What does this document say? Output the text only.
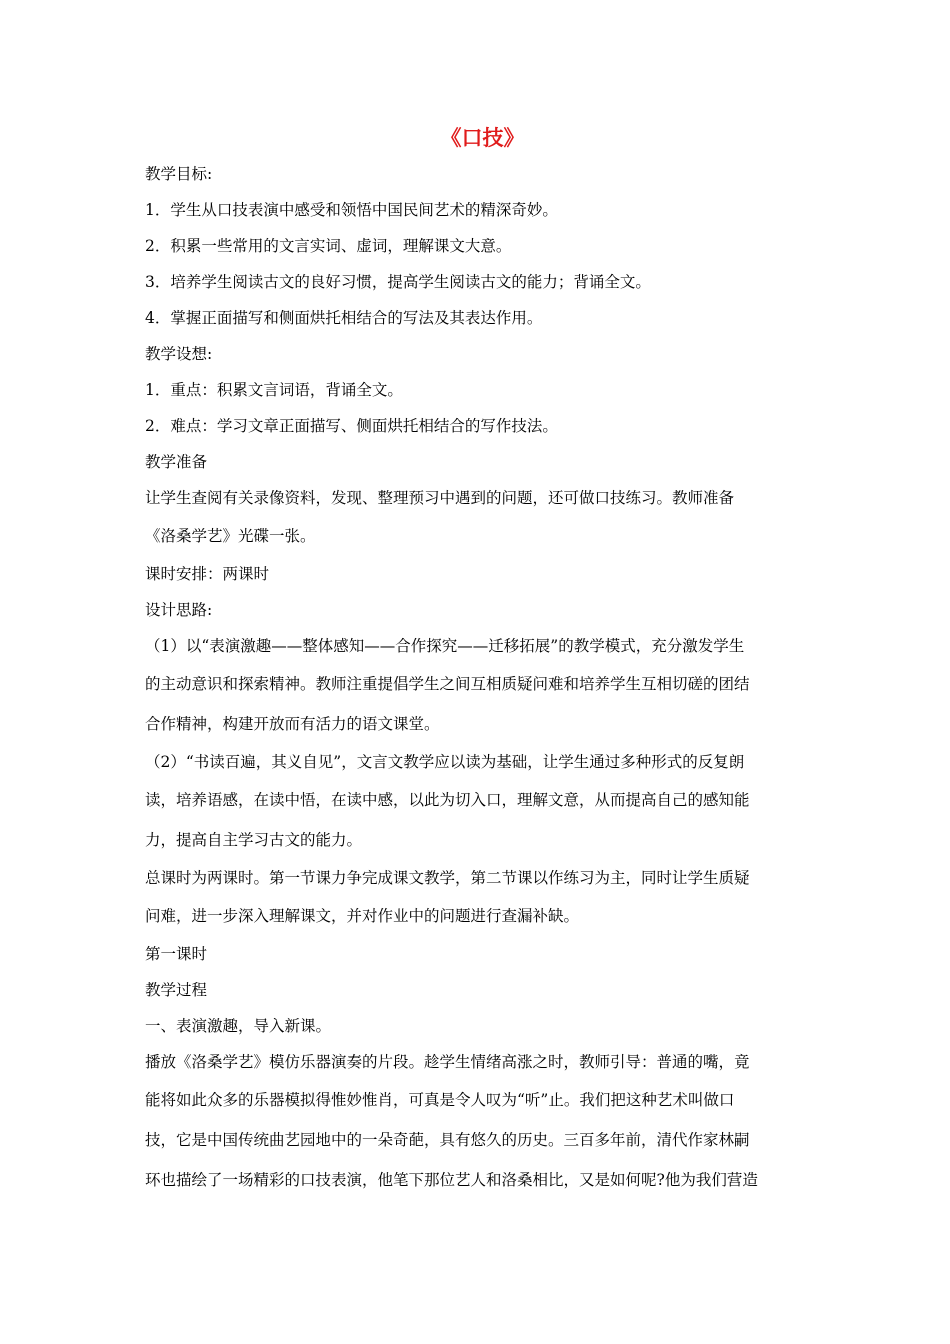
《口技》
教学目标:
1．学生从口技表演中感受和领悟中国民间艺术的精深奇妙。
2．积累一些常用的文言实词、虚词，理解课文大意。
3．培养学生阅读古文的良好习惯，提高学生阅读古文的能力；背诵全文。
4．掌握正面描写和侧面烘托相结合的写法及其表达作用。
教学设想:
1．重点：积累文言词语，背诵全文。
2．难点：学习文章正面描写、侧面烘托相结合的写作技法。
教学准备
让学生查阅有关录像资料，发现、整理预习中遇到的问题，还可做口技练习。教师准备
《洛桑学艺》光碟一张。
课时安排：两课时
设计思路:
（1）以“表演激趣——整体感知——合作探究——迁移拓展”的教学模式，充分激发学生
的主动意识和探索精神。教师注重提倡学生之间互相质疑问难和培养学生互相切磋的团结
合作精神，构建开放而有活力的语文课堂。
（2）“书读百遍，其义自见”，文言文教学应以读为基础，让学生通过多种形式的反复朗
读，培养语感，在读中悟，在读中感，以此为切入口，理解文意，从而提高自己的感知能
力，提高自主学习古文的能力。
总课时为两课时。第一节课力争完成课文教学，第二节课以作练习为主，同时让学生质疑
问难，进一步深入理解课文，并对作业中的问题进行查漏补缺。
第一课时
教学过程
一、表演激趣，导入新课。
播放《洛桑学艺》模仿乐器演奏的片段。趁学生情绪高涨之时，教师引导：普通的嘴，竟
能将如此众多的乐器模拟得惟妙惟肖，可真是令人叹为“听”止。我们把这种艺术叫做口
技，它是中国传统曲艺园地中的一朵奇葩，具有悠久的历史。三百多年前，清代作家林嗣
环也描绘了一场精彩的口技表演，他笔下那位艺人和洛桑相比，又是如何呢?他为我们营造
